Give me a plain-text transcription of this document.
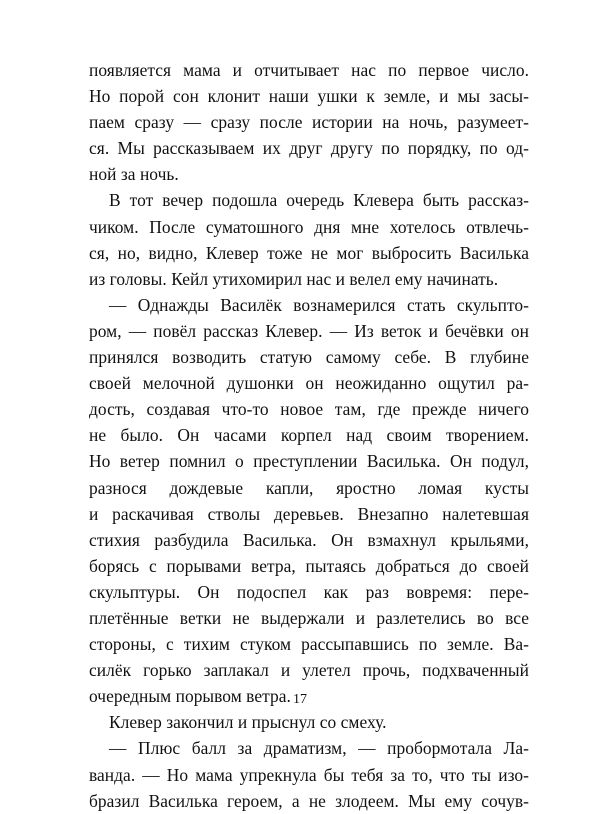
появляется мама и отчитывает нас по первое число.
Но порой сон клонит наши ушки к земле, и мы засы-
паем сразу — сразу после истории на ночь, разумеет-
ся. Мы рассказываем их друг другу по порядку, по од-
ной за ночь.
В тот вечер подошла очередь Клевера быть рассказ-
чиком. После суматошного дня мне хотелось отвлечь-
ся, но, видно, Клевер тоже не мог выбросить Василька
из головы. Кейл утихомирил нас и велел ему начинать.
— Однажды Василёк вознамерился стать скульпто-
ром, — повёл рассказ Клевер. — Из веток и бечёвки он
принялся возводить статую самому себе. В глубине
своей мелочной душонки он неожиданно ощутил ра-
дость, создавая что-то новое там, где прежде ничего
не было. Он часами корпел над своим творением.
Но ветер помнил о преступлении Василька. Он подул,
разнося дождевые капли, яростно ломая кусты
и раскачивая стволы деревьев. Внезапно налетевшая
стихия разбудила Василька. Он взмахнул крыльями,
борясь с порывами ветра, пытаясь добраться до своей
скульптуры. Он подоспел как раз вовремя: пере-
плетённые ветки не выдержали и разлетелись во все
стороны, с тихим стуком рассыпавшись по земле. Ва-
силёк горько заплакал и улетел прочь, подхваченный
очередным порывом ветра.
Клевер закончил и прыснул со смеху.
— Плюс балл за драматизм, — пробормотала Ла-
ванда. — Но мама упрекнула бы тебя за то, что ты изо-
бразил Василька героем, а не злодеем. Мы ему сочув-
17
